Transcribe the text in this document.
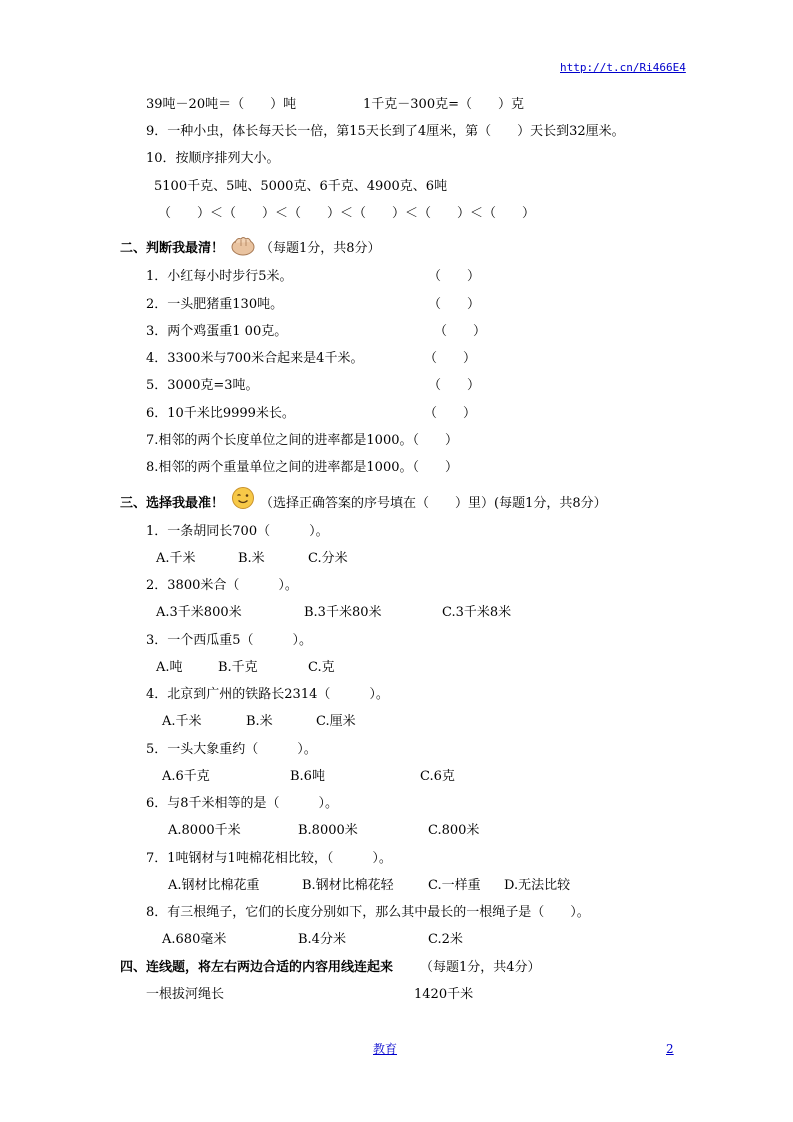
http://t.cn/Ri466E4
39吨－20吨＝（　　）吨	1千克－300克=（　　）克
9．一种小虫，体长每天长一倍，第15天长到了4厘米，第（　　）天长到32厘米。
10．按顺序排列大小。
5100千克、5吨、5000克、6千克、4900克、6吨
（　　）＜（　　）＜（　　）＜（　　）＜（　　）＜（　　）
二、判断我最清！	（每题1分，共8分）
1．小红每小时步行5米。	（　　）
2．一头肥猪重130吨。	（　　）
3．两个鸡蛋重1 00克。	（　　）
4．3300米与700米合起来是4千米。	（　　）
5．3000克=3吨。	（　　）
6．10千米比9999米长。	（　　）
7.相邻的两个长度单位之间的进率都是1000。（　　）
8.相邻的两个重量单位之间的进率都是1000。（　　）
三、选择我最准！	（选择正确答案的序号填在（　　）里）(每题1分，共8分）
1．一条胡同长700（　　　）。
A.千米	B.米	C.分米
2．3800米合（　　　）。
A.3千米800米	B.3千米80米	C.3千米8米
3．一个西瓜重5（　　　）。
A.吨	B.千克	C.克
4．北京到广州的铁路长2314（　　　）。
A.千米	B.米	C.厘米
5．一头大象重约（　　　）。
A.6千克	B.6吨	C.6克
6．与8千米相等的是（　　　）。
A.8000千米	B.8000米	C.800米
7．1吨钢材与1吨棉花相比较，（　　　）。
A.钢材比棉花重	B.钢材比棉花轻	C.一样重 D.无法比较
8．有三根绳子，它们的长度分别如下，那么其中最长的一根绳子是（　　）。
A.680毫米	B.4分米	C.2米
四、连线题，将左右两边合适的内容用线连起来 （每题1分，共4分）
一根拔河绳长	1420千米
教育	2
